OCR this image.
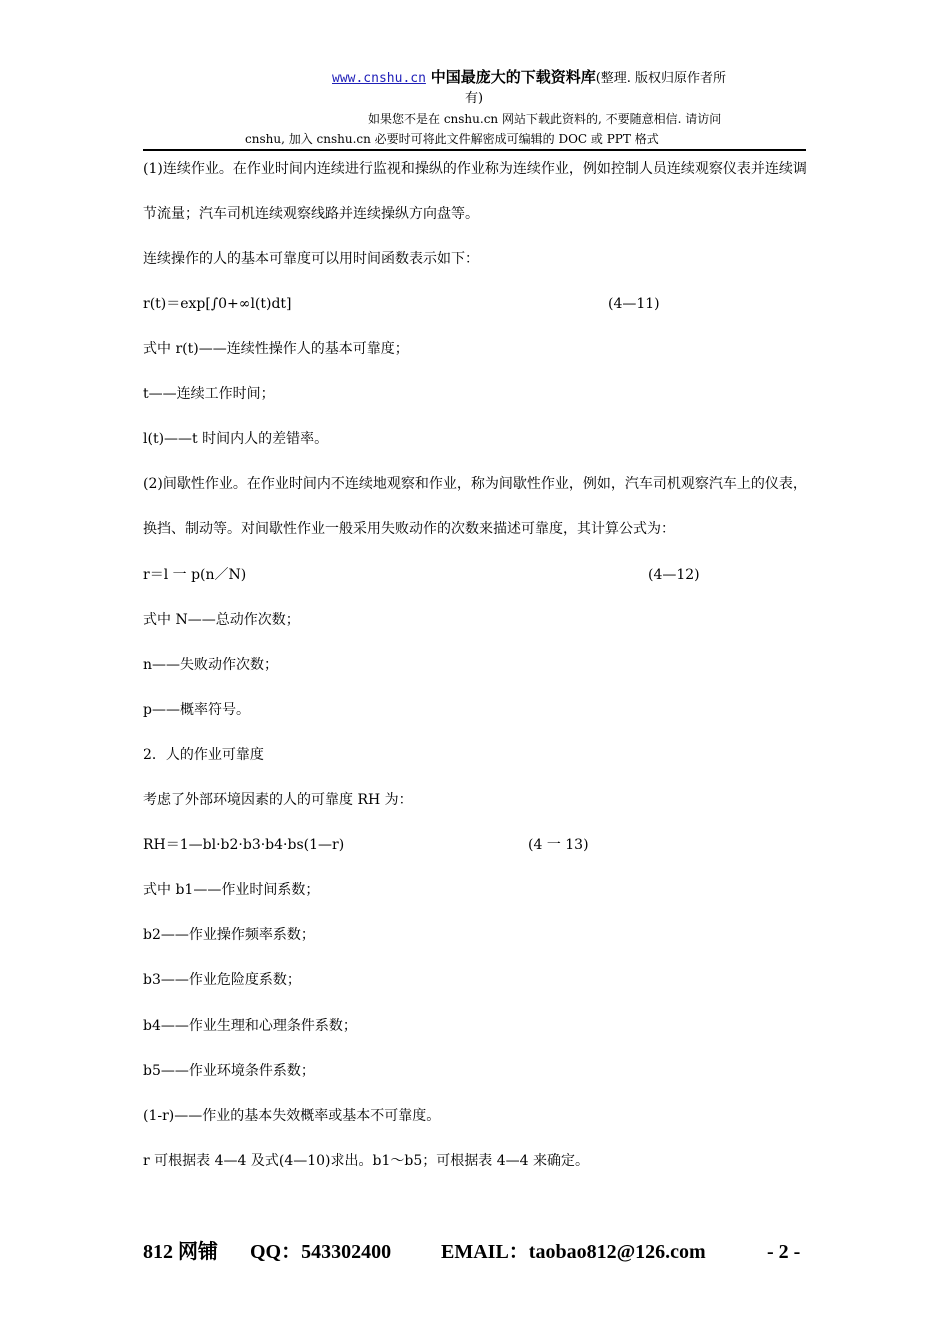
www.cnshu.cn 中国最庞大的下载资料库(整理. 版权归原作者所
有)
如果您不是在 cnshu.cn 网站下载此资料的, 不要随意相信. 请访问
cnshu, 加入 cnshu.cn 必要时可将此文件解密成可编辑的 DOC 或 PPT 格式

(1)连续作业。在作业时间内连续进行监视和操纵的作业称为连续作业，例如控制人员连续观察仪表并连续调节流量；汽车司机连续观察线路并连续操纵方向盘等。

连续操作的人的基本可靠度可以用时间函数表示如下：

r(t)＝exp[∫0+∞l(t)dt]	(4—11)

式中 r(t)——连续性操作人的基本可靠度；

t——连续工作时间；

l(t)——t 时间内人的差错率。

(2)间歇性作业。在作业时间内不连续地观察和作业，称为间歇性作业，例如，汽车司机观察汽车上的仪表，换挡、制动等。对间歇性作业一般采用失败动作的次数来描述可靠度，其计算公式为：

r＝l 一 p(n／N)	(4—12)

式中 N——总动作次数；

n——失败动作次数；

p——概率符号。

2．人的作业可靠度

考虑了外部环境因素的人的可靠度 RH 为：

RH＝1—bl·b2·b3·b4·bs(1—r)	(4 一 13)

式中 b1——作业时间系数；

b2——作业操作频率系数；

b3——作业危险度系数；

b4——作业生理和心理条件系数；

b5——作业环境条件系数；

(1-r)——作业的基本失效概率或基本不可靠度。

r 可根据表 4—4 及式(4—10)求出。b1～b5；可根据表 4—4 来确定。

812 网铺 QQ：543302400 EMAIL：taobao812@126.com	- 2 -
